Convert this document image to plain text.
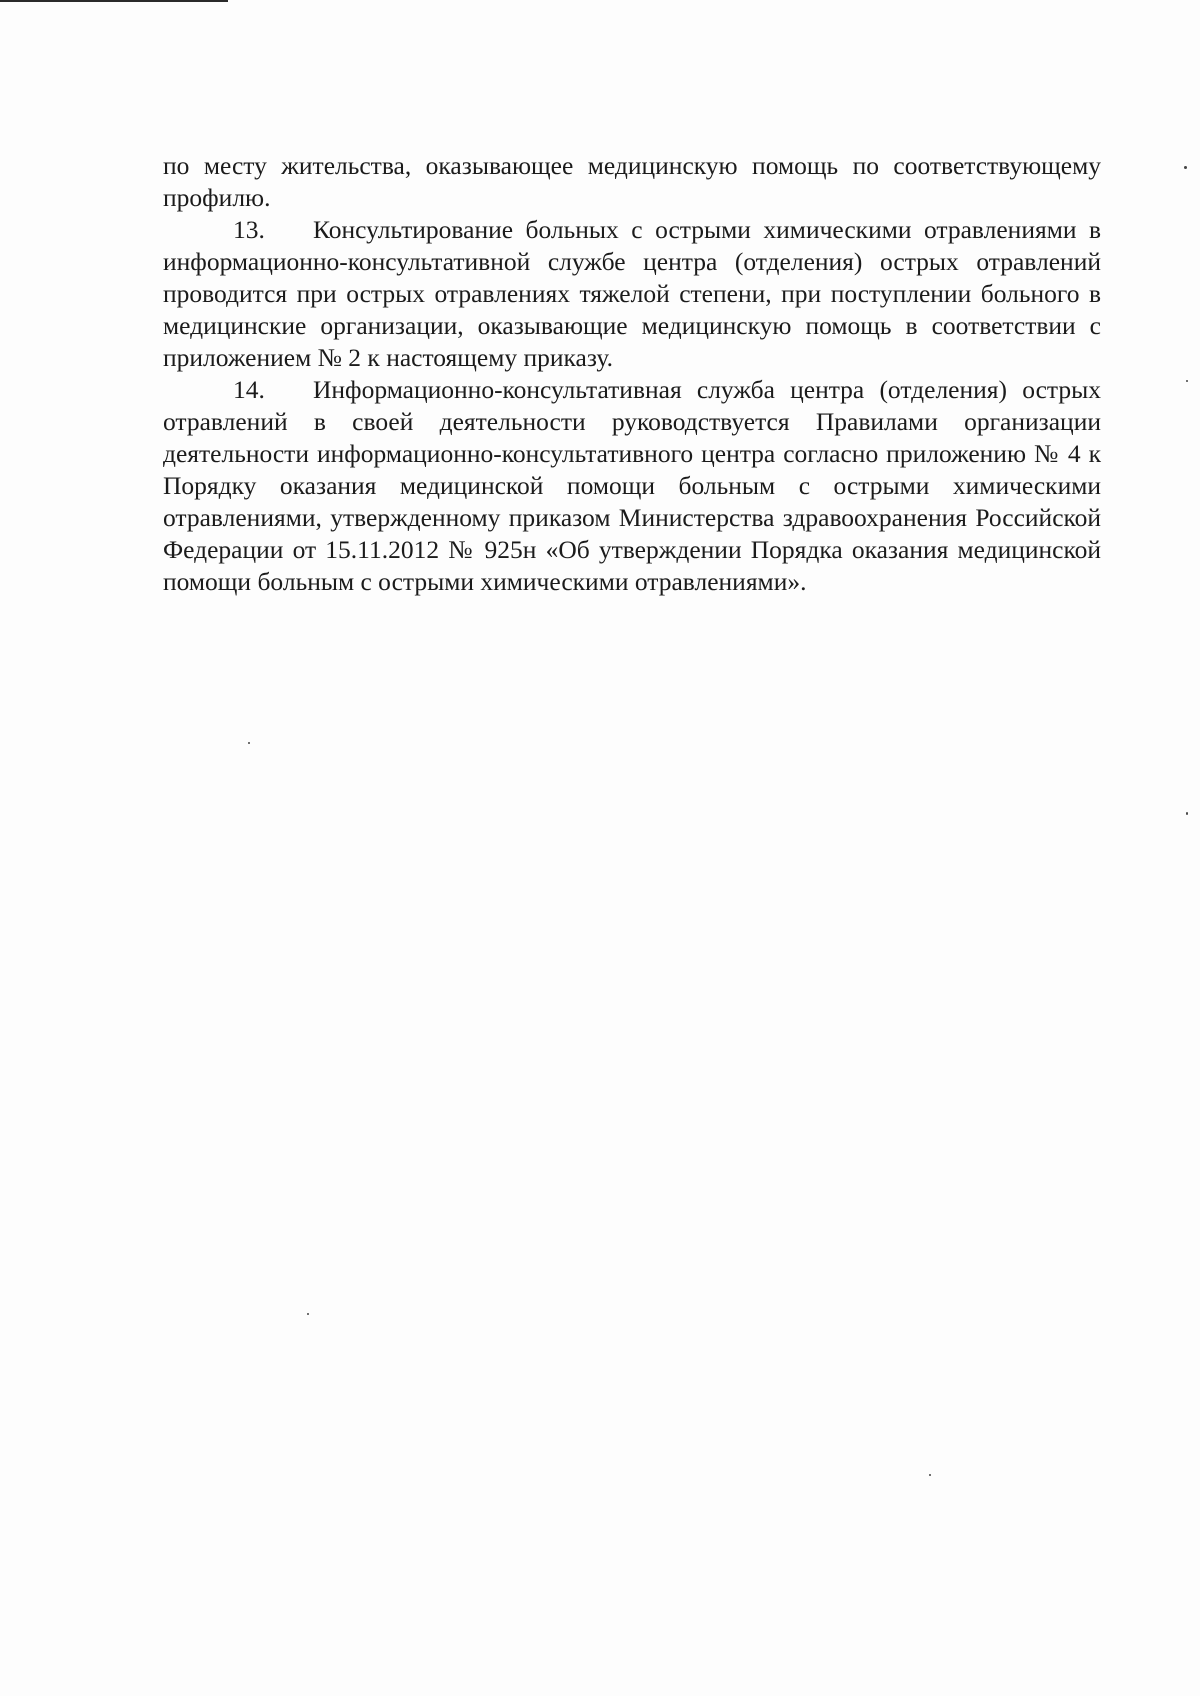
по месту жительства, оказывающее медицинскую помощь по соответствующему профилю.

13. Консультирование больных с острыми химическими отравлениями в информационно-консультативной службе центра (отделения) острых отравлений проводится при острых отравлениях тяжелой степени, при поступлении больного в медицинские организации, оказывающие медицинскую помощь в соответствии с приложением № 2 к настоящему приказу.

14. Информационно-консультативная служба центра (отделения) острых отравлений в своей деятельности руководствуется Правилами организации деятельности информационно-консультативного центра согласно приложению № 4 к Порядку оказания медицинской помощи больным с острыми химическими отравлениями, утвержденному приказом Министерства здравоохранения Российской Федерации от 15.11.2012 № 925н «Об утверждении Порядка оказания медицинской помощи больным с острыми химическими отравлениями».
